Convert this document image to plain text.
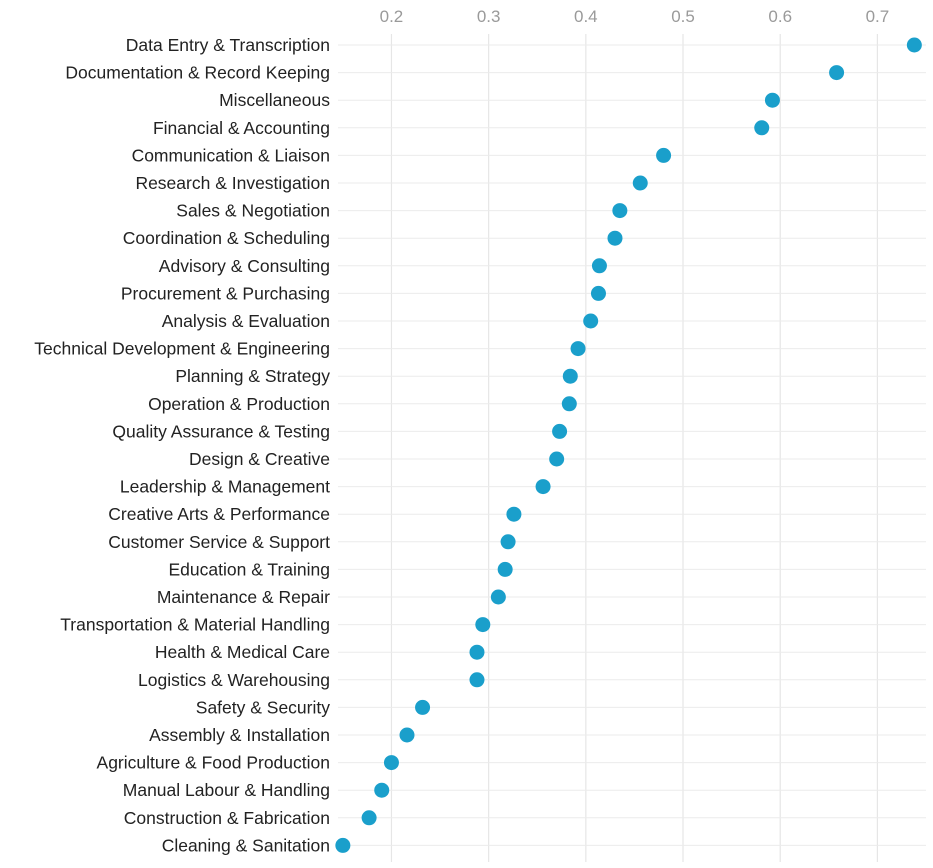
0.2	0.3	0.4	0.5	0.6	0.7
Data Entry & Transcription
Documentation & Record Keeping
Miscellaneous
Financial & Accounting
Communication & Liaison
Research & Investigation
Sales & Negotiation
Coordination & Scheduling
Advisory & Consulting
Procurement & Purchasing
Analysis & Evaluation
Technical Development & Engineering
Planning & Strategy
Operation & Production
Quality Assurance & Testing
Design & Creative
Leadership & Management
Creative Arts & Performance
Customer Service & Support
Education & Training
Maintenance & Repair
Transportation & Material Handling
Health & Medical Care
Logistics & Warehousing
Safety & Security
Assembly & Installation
Agriculture & Food Production
Manual Labour & Handling
Construction & Fabrication
Cleaning & Sanitation
